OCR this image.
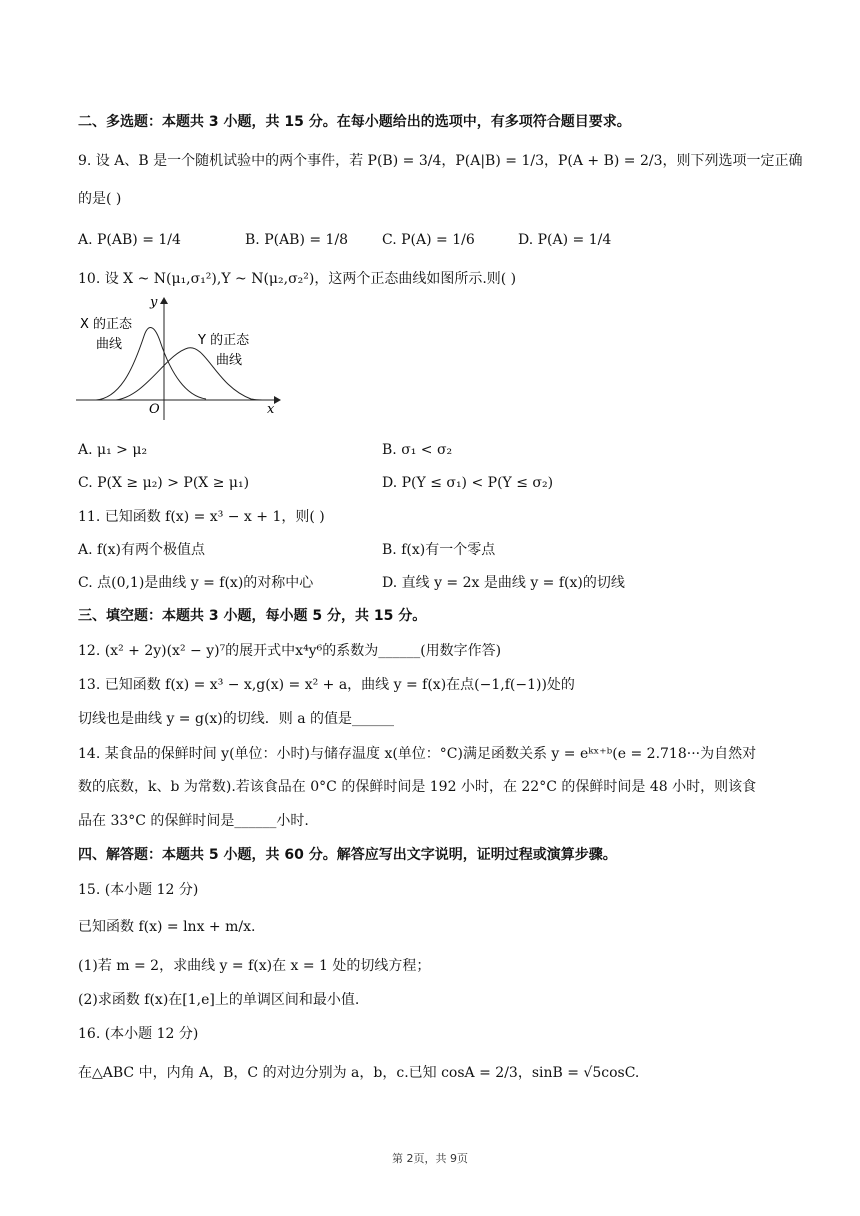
二、多选题：本题共 3 小题，共 15 分。在每小题给出的选项中，有多项符合题目要求。
9. 设 A、B 是一个随机试验中的两个事件，若 P(B) = 3/4，P(A|B) = 1/3，P(A + B) = 2/3，则下列选项一定正确
的是( )
A. P(AB) = 1/4	B. P(AB) = 1/8 C. P(A) = 1/6	D. P(A) = 1/4
10. 设 X ~ N(μ₁,σ₁²),Y ~ N(μ₂,σ₂²)，这两个正态曲线如图所示.则( )
O	x
y
X 的正态
曲线	Y 的正态
曲线
A. μ₁ > μ₂	B. σ₁ < σ₂
C. P(X ≥ μ₂) > P(X ≥ μ₁)	D. P(Y ≤ σ₁) < P(Y ≤ σ₂)
11. 已知函数 f(x) = x³ − x + 1，则( )
A. f(x)有两个极值点	B. f(x)有一个零点
C. 点(0,1)是曲线 y = f(x)的对称中心	D. 直线 y = 2x 是曲线 y = f(x)的切线
三、填空题：本题共 3 小题，每小题 5 分，共 15 分。
12. (x² + 2y)(x² − y)⁷的展开式中x⁴y⁶的系数为______(用数字作答)
13. 已知函数 f(x) = x³ − x,g(x) = x² + a，曲线 y = f(x)在点(−1,f(−1))处的
切线也是曲线 y = g(x)的切线．则 a 的值是______
14. 某食品的保鲜时间 y(单位：小时)与储存温度 x(单位：°C)满足函数关系 y = eᵏˣ⁺ᵇ(e = 2.718···为自然对
数的底数，k、b 为常数).若该食品在 0°C 的保鲜时间是 192 小时，在 22°C 的保鲜时间是 48 小时，则该食
品在 33°C 的保鲜时间是______小时.
四、解答题：本题共 5 小题，共 60 分。解答应写出文字说明，证明过程或演算步骤。
15. (本小题 12 分)
已知函数 f(x) = lnx + m/x.
(1)若 m = 2，求曲线 y = f(x)在 x = 1 处的切线方程；
(2)求函数 f(x)在[1,e]上的单调区间和最小值.
16. (本小题 12 分)
在△ABC 中，内角 A，B，C 的对边分别为 a，b，c.已知 cosA = 2/3，sinB = √5cosC.
第 2页，共 9页
